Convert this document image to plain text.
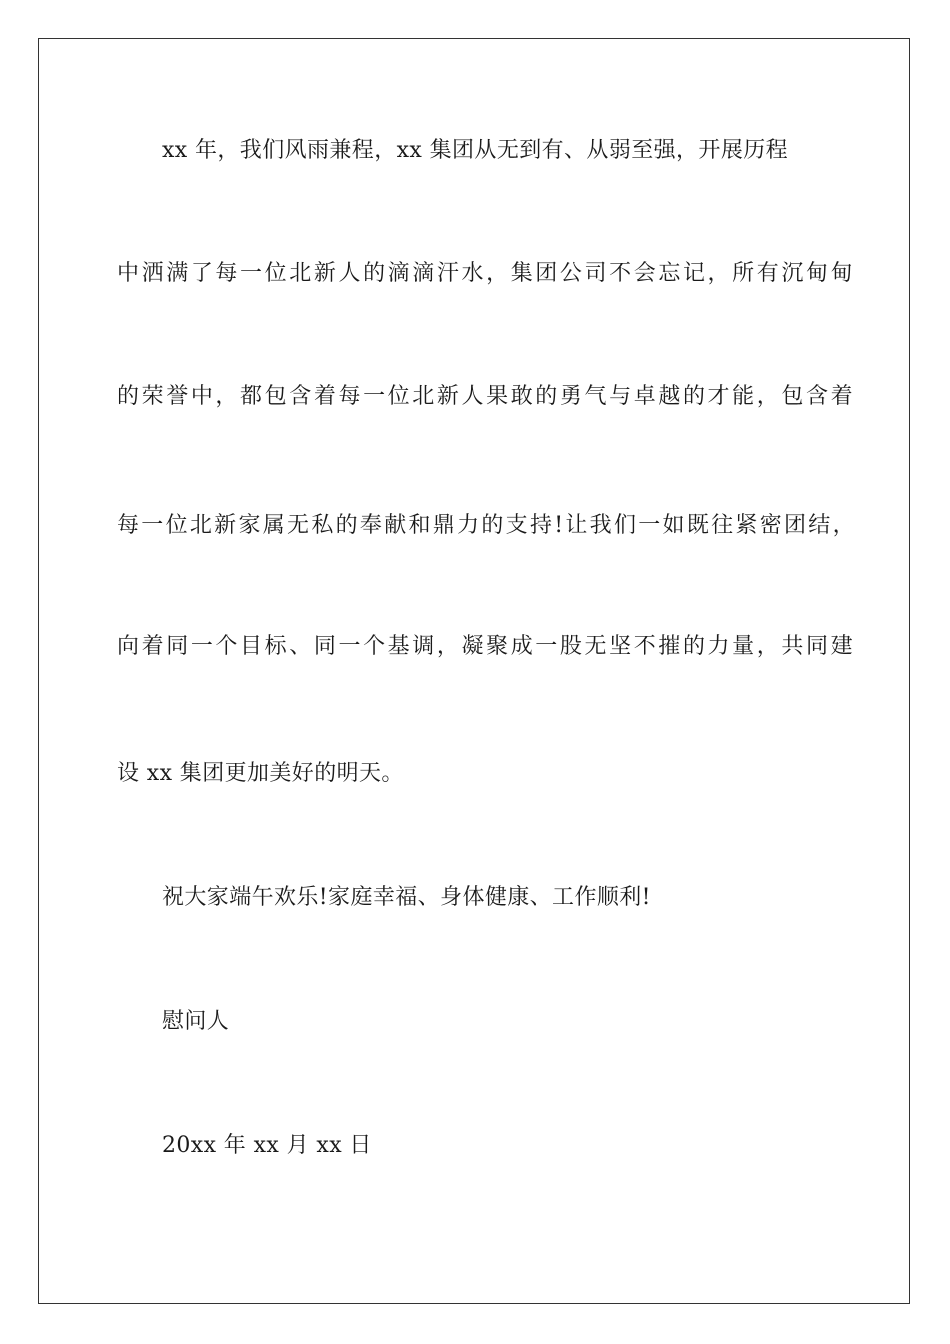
xx 年，我们风雨兼程，xx 集团从无到有、从弱至强，开展历程
中洒满了每一位北新人的滴滴汗水，集团公司不会忘记，所有沉甸甸
的荣誉中，都包含着每一位北新人果敢的勇气与卓越的才能，包含着
每一位北新家属无私的奉献和鼎力的支持!让我们一如既往紧密团结，
向着同一个目标、同一个基调，凝聚成一股无坚不摧的力量，共同建
设 xx 集团更加美好的明天。
祝大家端午欢乐!家庭幸福、身体健康、工作顺利!
慰问人
20xx 年 xx 月 xx 日
